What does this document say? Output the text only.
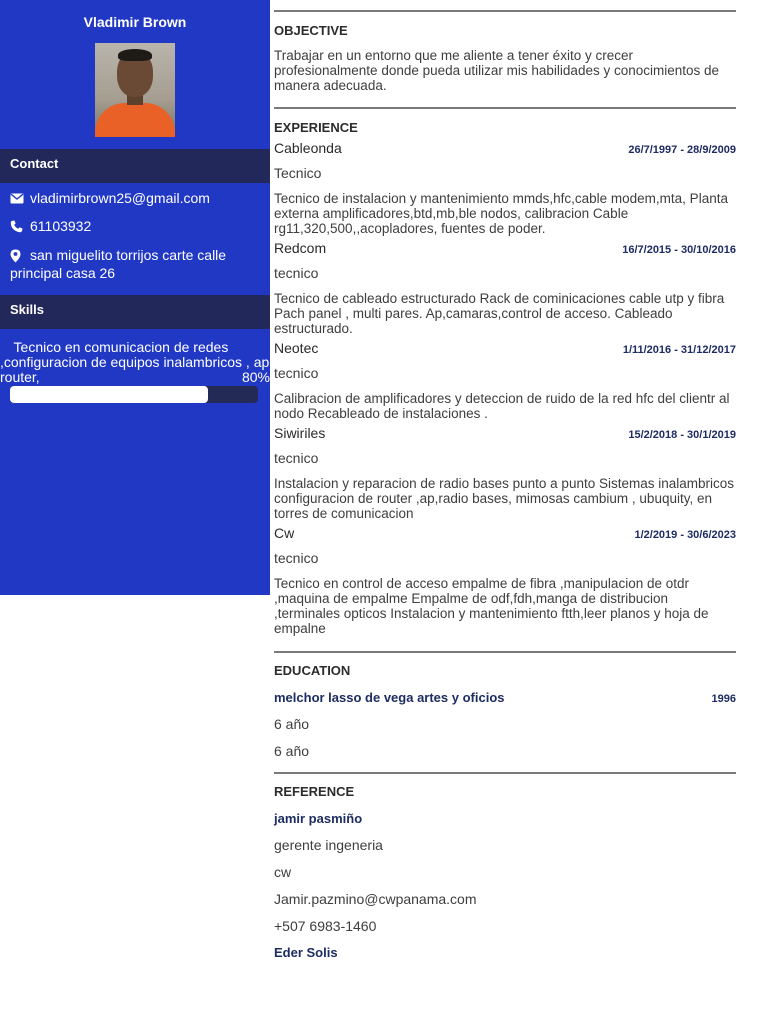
Vladimir Brown
Contact
vladimirbrown25@gmail.com
61103932
san miguelito torrijos carte calle
principal casa 26
Skills
Tecnico en comunicacion de redes
,configuracion de equipos inalambricos , ap
router,	80%
OBJECTIVE
Trabajar en un entorno que me aliente a tener éxito y crecer profesionalmente donde pueda utilizar mis habilidades y conocimientos de manera adecuada.
EXPERIENCE
Cableonda	26/7/1997 - 28/9/2009
Tecnico
Tecnico de instalacion y mantenimiento mmds,hfc,cable modem,mta, Planta externa amplificadores,btd,mb,ble nodos, calibracion Cable rg11,320,500,,acopladores, fuentes de poder.
Redcom	16/7/2015 - 30/10/2016
tecnico
Tecnico de cableado estructurado Rack de cominicaciones cable utp y fibra Pach panel , multi pares. Ap,camaras,control de acceso. Cableado estructurado.
Neotec	1/11/2016 - 31/12/2017
tecnico
Calibracion de amplificadores y deteccion de ruido de la red hfc del clientr al nodo Recableado de instalaciones .
Siwiriles	15/2/2018 - 30/1/2019
tecnico
Instalacion y reparacion de radio bases punto a punto Sistemas inalambricos configuracion de router ,ap,radio bases, mimosas cambium , ubuquity, en torres de comunicacion
Cw	1/2/2019 - 30/6/2023
tecnico
Tecnico en control de acceso empalme de fibra ,manipulacion de otdr ,maquina de empalme Empalme de odf,fdh,manga de distribucion ,terminales opticos Instalacion y mantenimiento ftth,leer planos y hoja de empalne
EDUCATION
melchor lasso de vega artes y oficios	1996
6 año
6 año
REFERENCE
jamir pasmiño
gerente ingeneria
cw
Jamir.pazmino@cwpanama.com
+507 6983-1460
Eder Solis
